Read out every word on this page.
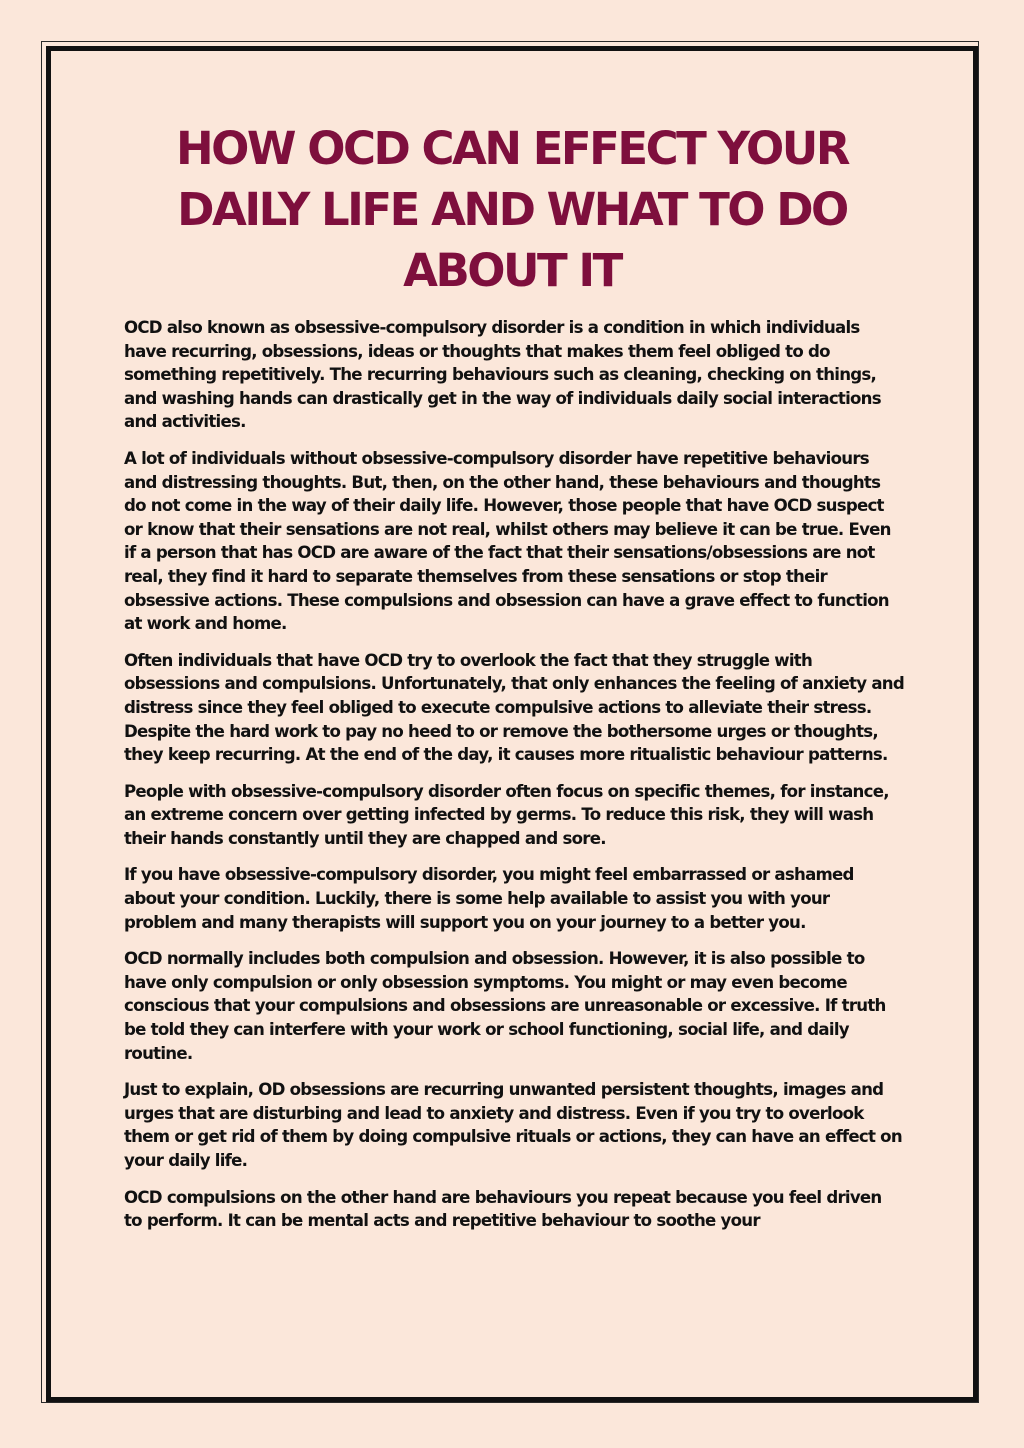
HOW OCD CAN EFFECT YOUR DAILY LIFE AND WHAT TO DO ABOUT IT

OCD also known as obsessive-compulsory disorder is a condition in which individuals have recurring, obsessions, ideas or thoughts that makes them feel obliged to do something repetitively. The recurring behaviours such as cleaning, checking on things, and washing hands can drastically get in the way of individuals daily social interactions and activities.

A lot of individuals without obsessive-compulsory disorder have repetitive behaviours and distressing thoughts. But, then, on the other hand, these behaviours and thoughts do not come in the way of their daily life. However, those people that have OCD suspect or know that their sensations are not real, whilst others may believe it can be true. Even if a person that has OCD are aware of the fact that their sensations/obsessions are not real, they find it hard to separate themselves from these sensations or stop their obsessive actions. These compulsions and obsession can have a grave effect to function at work and home.

Often individuals that have OCD try to overlook the fact that they struggle with obsessions and compulsions. Unfortunately, that only enhances the feeling of anxiety and distress since they feel obliged to execute compulsive actions to alleviate their stress. Despite the hard work to pay no heed to or remove the bothersome urges or thoughts, they keep recurring. At the end of the day, it causes more ritualistic behaviour patterns.

People with obsessive-compulsory disorder often focus on specific themes, for instance, an extreme concern over getting infected by germs. To reduce this risk, they will wash their hands constantly until they are chapped and sore.

If you have obsessive-compulsory disorder, you might feel embarrassed or ashamed about your condition. Luckily, there is some help available to assist you with your problem and many therapists will support you on your journey to a better you.

OCD normally includes both compulsion and obsession. However, it is also possible to have only compulsion or only obsession symptoms. You might or may even become conscious that your compulsions and obsessions are unreasonable or excessive. If truth be told they can interfere with your work or school functioning, social life, and daily routine.

Just to explain, OD obsessions are recurring unwanted persistent thoughts, images and urges that are disturbing and lead to anxiety and distress. Even if you try to overlook them or get rid of them by doing compulsive rituals or actions, they can have an effect on your daily life.

OCD compulsions on the other hand are behaviours you repeat because you feel driven to perform. It can be mental acts and repetitive behaviour to soothe your
